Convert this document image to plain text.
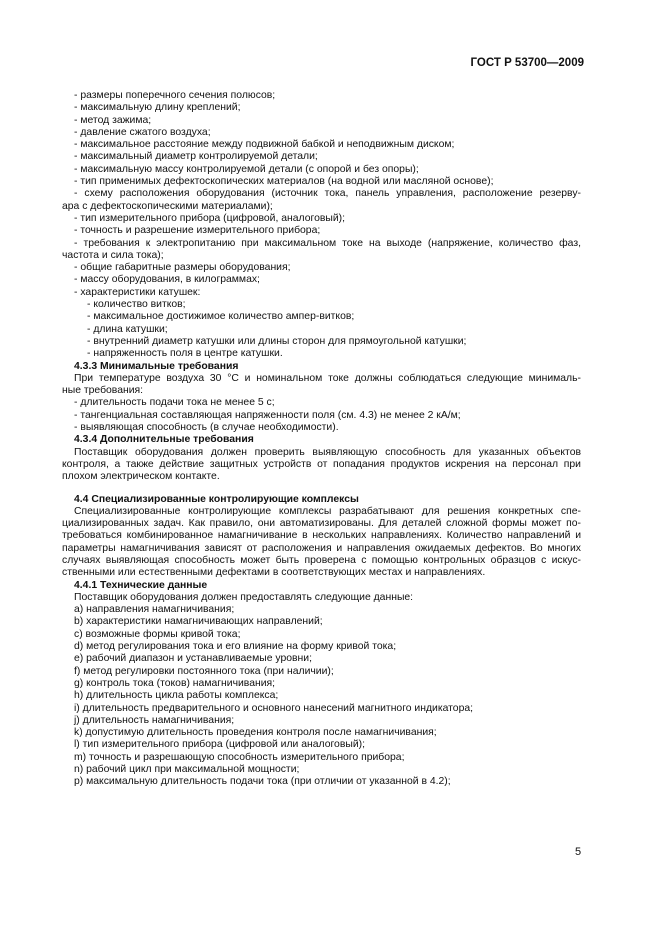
ГОСТ Р 53700—2009
- размеры поперечного сечения полюсов;
- максимальную длину креплений;
- метод зажима;
- давление сжатого воздуха;
- максимальное расстояние между подвижной бабкой и неподвижным диском;
- максимальный диаметр контролируемой детали;
- максимальную массу контролируемой детали (с опорой и без опоры);
- тип применимых дефектоскопических материалов (на водной или масляной основе);
- схему расположения оборудования (источник тока, панель управления, расположение резерву-
ара с дефектоскопическими материалами);
- тип измерительного прибора (цифровой, аналоговый);
- точность и разрешение измерительного прибора;
- требования к электропитанию при максимальном токе на выходе (напряжение, количество фаз,
частота и сила тока);
- общие габаритные размеры оборудования;
- массу оборудования, в килограммах;
- характеристики катушек:
- количество витков;
- максимальное достижимое количество ампер-витков;
- длина катушки;
- внутренний диаметр катушки или длины сторон для прямоугольной катушки;
- напряженность поля в центре катушки.
4.3.3 Минимальные требования
При температуре воздуха 30 °С и номинальном токе должны соблюдаться следующие минималь-
ные требования:
- длительность подачи тока не менее 5 с;
- тангенциальная составляющая напряженности поля (см. 4.3) не менее 2 кА/м;
- выявляющая способность (в случае необходимости).
4.3.4 Дополнительные требования
Поставщик оборудования должен проверить выявляющую способность для указанных объектов
контроля, а также действие защитных устройств от попадания продуктов искрения на персонал при
плохом электрическом контакте.
4.4 Специализированные контролирующие комплексы
Специализированные контролирующие комплексы разрабатывают для решения конкретных спе-
циализированных задач. Как правило, они автоматизированы. Для деталей сложной формы может по-
требоваться комбинированное намагничивание в нескольких направлениях. Количество направлений и
параметры намагничивания зависят от расположения и направления ожидаемых дефектов. Во многих
случаях выявляющая способность может быть проверена с помощью контрольных образцов с искус-
ственными или естественными дефектами в соответствующих местах и направлениях.
4.4.1 Технические данные
Поставщик оборудования должен предоставлять следующие данные:
а) направления намагничивания;
b) характеристики намагничивающих направлений;
c) возможные формы кривой тока;
d) метод регулирования тока и его влияние на форму кривой тока;
e) рабочий диапазон и устанавливаемые уровни;
f) метод регулировки постоянного тока (при наличии);
g) контроль тока (токов) намагничивания;
h) длительность цикла работы комплекса;
i) длительность предварительного и основного нанесений магнитного индикатора;
j) длительность намагничивания;
k) допустимую длительность проведения контроля после намагничивания;
l) тип измерительного прибора (цифровой или аналоговый);
m) точность и разрешающую способность измерительного прибора;
n) рабочий цикл при максимальной мощности;
p) максимальную длительность подачи тока (при отличии от указанной в 4.2);
5
